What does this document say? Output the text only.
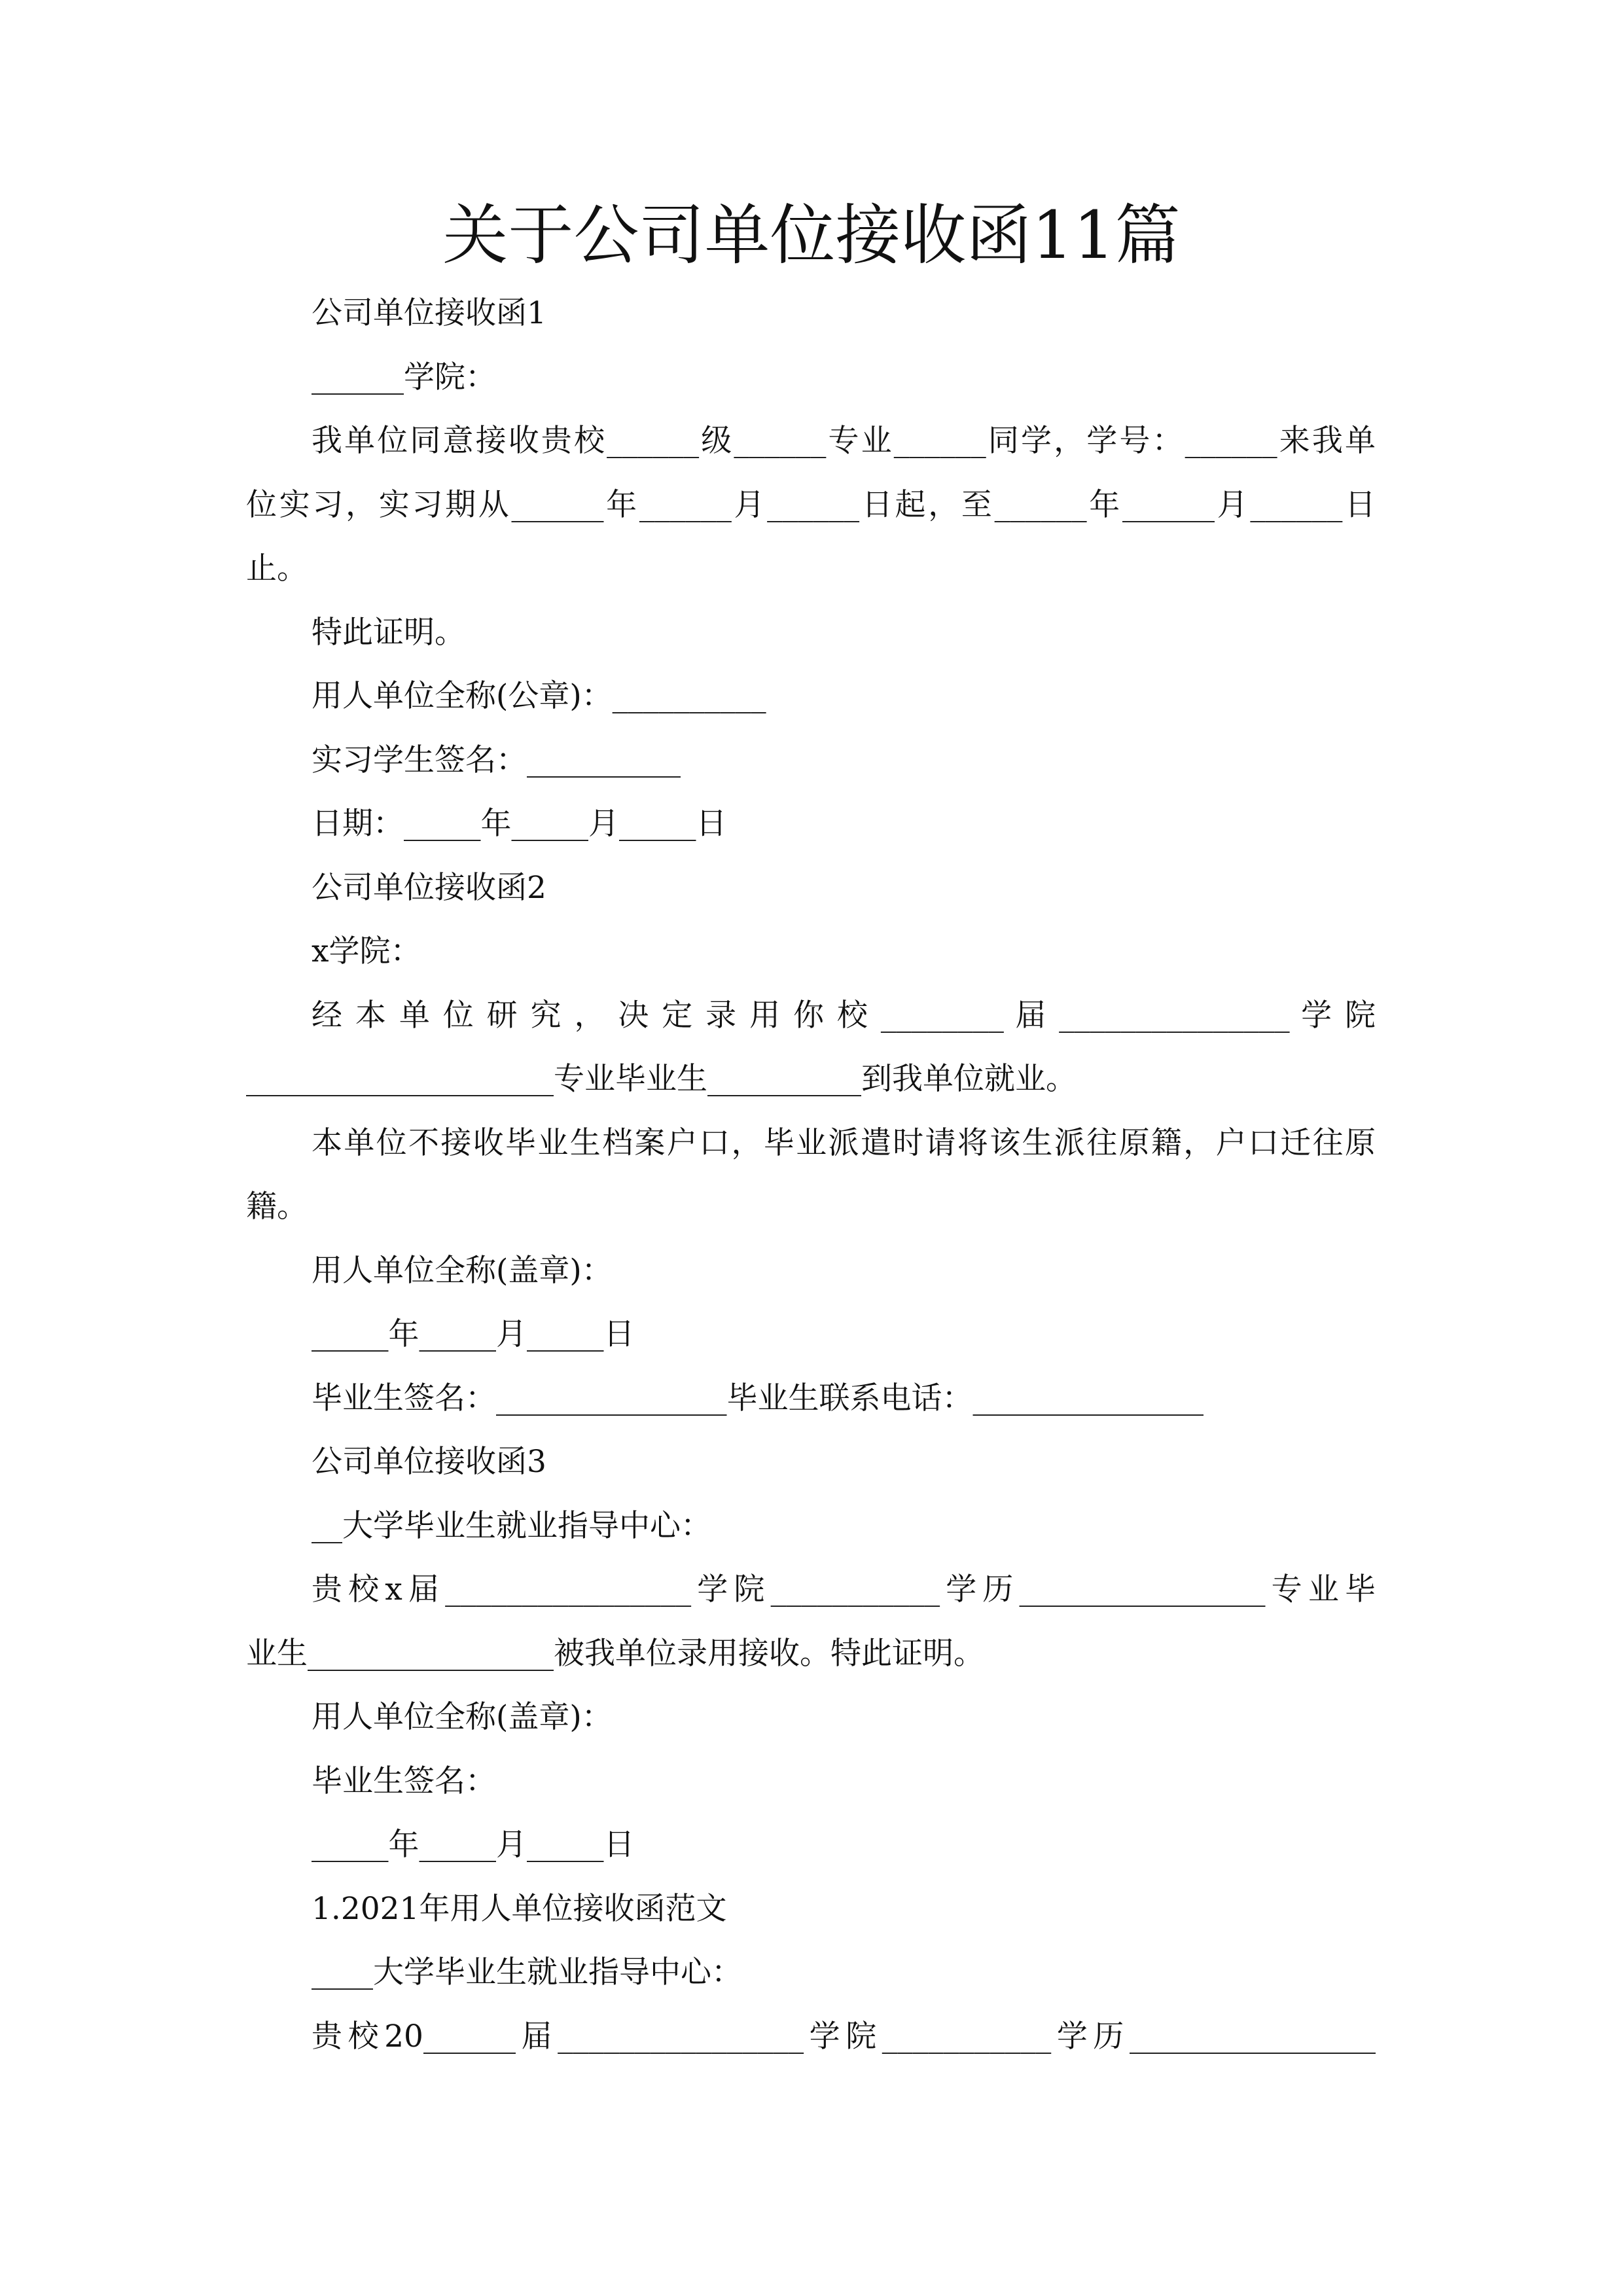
关于公司单位接收函11篇
公司单位接收函1
______学院：
我单位同意接收贵校______级______专业______同学，学号：______来我单
位实习，实习期从______年______月______日起，至______年______月______日
止。
特此证明。
用人单位全称(公章)：__________
实习学生签名：__________
日期：_____年_____月_____日
公司单位接收函2
x学院：
经 本 单 位 研 究 ， 决 定 录 用 你 校 ________ 届 _______________ 学 院
____________________专业毕业生__________到我单位就业。
本单位不接收毕业生档案户口，毕业派遣时请将该生派往原籍，户口迁往原
籍。
用人单位全称(盖章)：
_____年_____月_____日
毕业生签名：_______________毕业生联系电话：_______________
公司单位接收函3
__大学毕业生就业指导中心：
贵校x届________________学院___________学历________________专业毕
业生________________被我单位录用接收。特此证明。
用人单位全称(盖章)：
毕业生签名：
_____年_____月_____日
1.2021年用人单位接收函范文
____大学毕业生就业指导中心：
贵校20______届________________学院___________学历________________
